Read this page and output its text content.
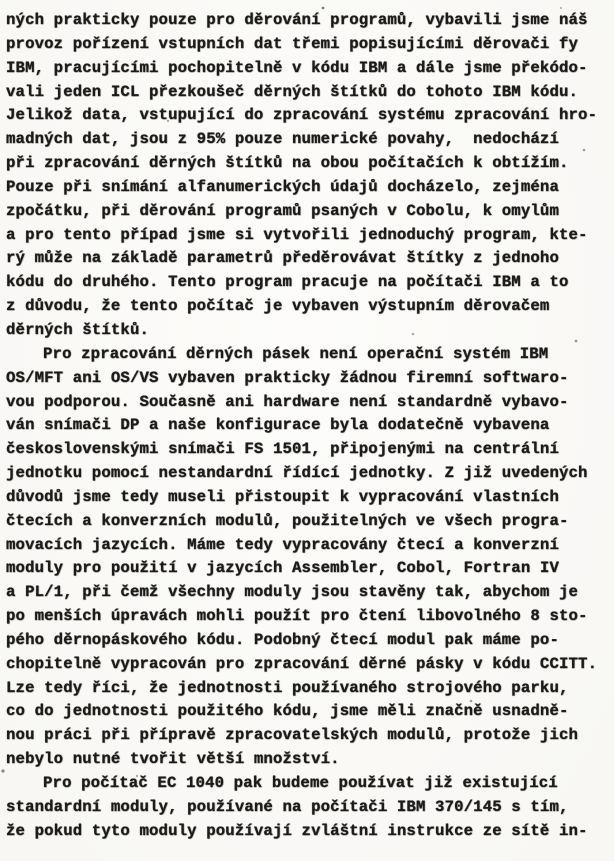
ných prakticky pouze pro děrování programů, vybavili jsme náš
provoz pořízení vstupních dat třemi popisujícími děrovači fy
IBM, pracujícími pochopitelně v kódu IBM a dále jsme překódo-
vali jeden ICL přezkoušeč děrných štítků do tohoto IBM kódu.
Jelikož data, vstupující do zpracování systému zpracování hro-
madných dat, jsou z 95% pouze numerické povahy,  nedochází
při zpracování děrných štítků na obou počítačích k obtížím.
Pouze při snímání alfanumerických údajů docházelo, zejména
zpočátku, při děrování programů psaných v Cobolu, k omylům
a pro tento případ jsme si vytvořili jednoduchý program, kte-
rý může na základě parametrů předěrovávat štítky z jednoho
kódu do druhého. Tento program pracuje na počítači IBM a to
z důvodu, že tento počítač je vybaven výstupním děrovačem
děrných štítků.
Pro zpracování děrných pásek není operační systém IBM
OS/MFT ani OS/VS vybaven prakticky žádnou firemní softwaro-
vou podporou. Současně ani hardware není standardně vybavo-
ván snímači DP a naše konfigurace byla dodatečně vybavena
československými snímači FS 1501, připojenými na centrální
jednotku pomocí nestandardní řídící jednotky. Z již uvedených
důvodů jsme tedy museli přistoupit k vypracování vlastních
čtecích a konverzních modulů, použitelných ve všech progra-
movacích jazycích. Máme tedy vypracovány čtecí a konverzní
moduly pro použití v jazycích Assembler, Cobol, Fortran IV
a PL/1, při čemž všechny moduly jsou stavěny tak, abychom je
po menších úpravách mohli použít pro čtení libovolného 8 sto-
pého děrnopáskového kódu. Podobný čtecí modul pak máme po-
chopitelně vypracován pro zpracování děrné pásky v kódu CCITT.
Lze tedy říci, že jednotnosti používaného strojového parku,
co do jednotnosti použitého kódu, jsme měli značně usnadně-
nou práci při přípravě zpracovatelských modulů, protože jich
nebylo nutné tvořit větší množství.
Pro počítač EC 1040 pak budeme používat již existující
standardní moduly, používané na počítači IBM 370/145 s tím,
že pokud tyto moduly používají zvláštní instrukce ze sítě in-
